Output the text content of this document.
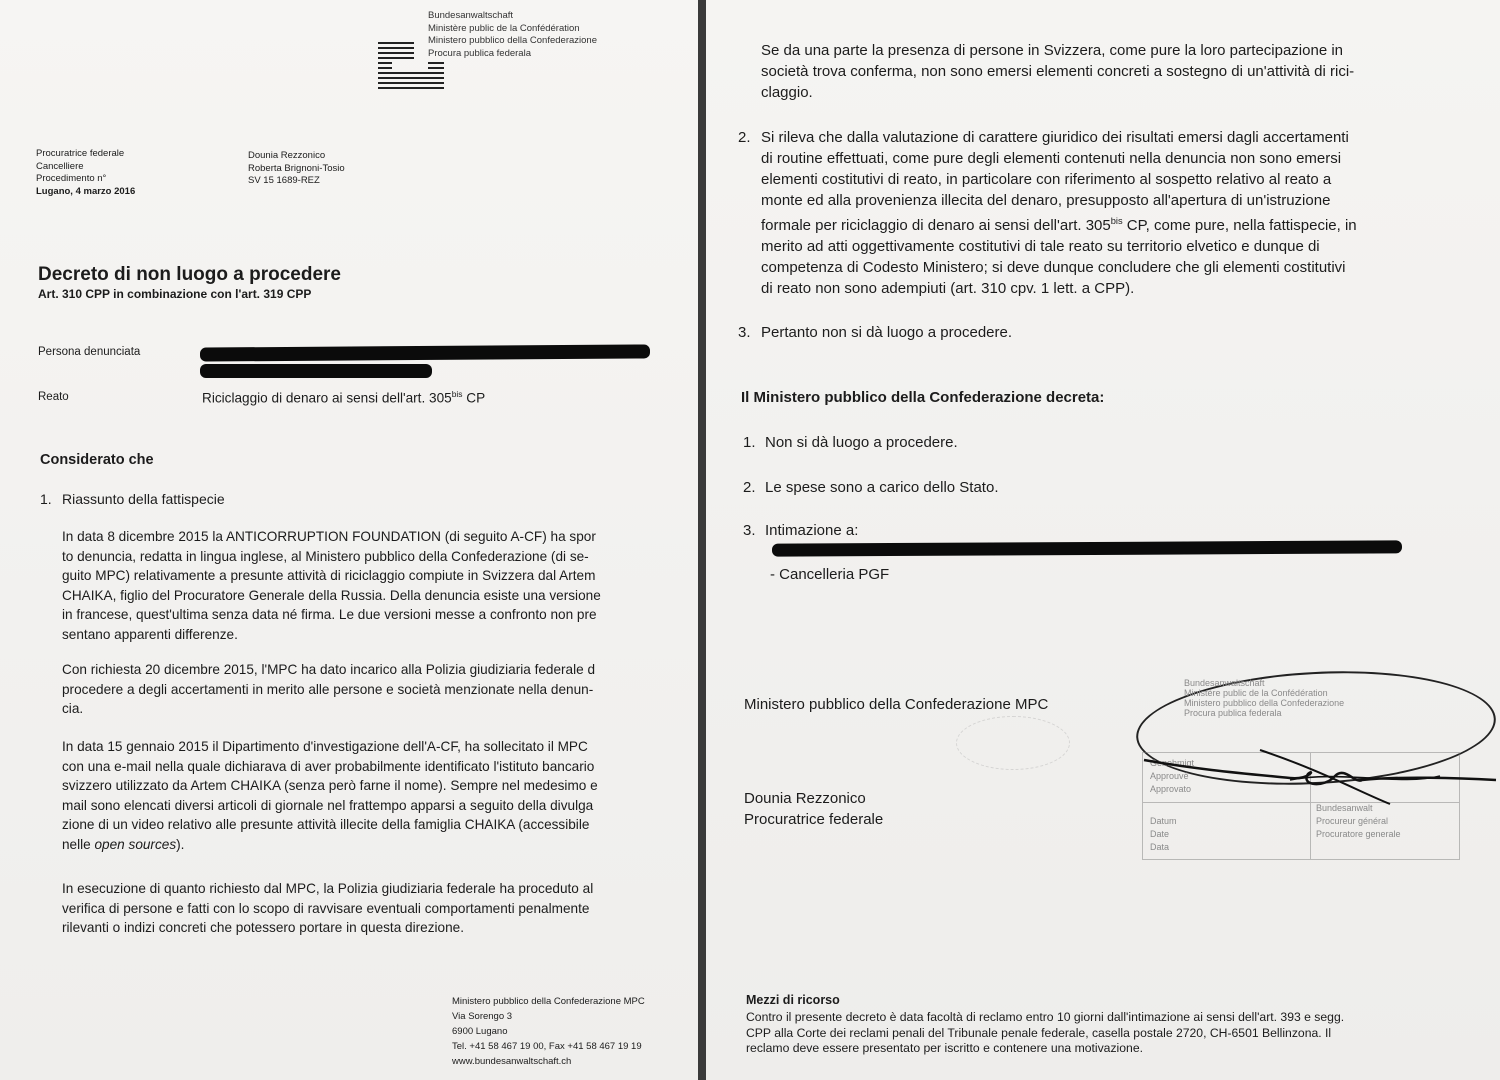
Bundesanwaltschaft
Ministère public de la Confédération
Ministero pubblico della Confederazione
Procura publica federala
Procuratrice federale
Cancelliere
Procedimento n°
Lugano, 4 marzo 2016
Dounia Rezzonico
Roberta Brignoni-Tosio
SV 15 1689-REZ
Decreto di non luogo a procedere
Art. 310 CPP in combinazione con l'art. 319 CPP
Persona denunciata
Reato	Riciclaggio di denaro ai sensi dell'art. $305^{bis}$ CP
Considerato che
1. Riassunto della fattispecie
In data 8 dicembre 2015 la ANTICORRUPTION FOUNDATION (di seguito A-CF) ha spor
to denuncia, redatta in lingua inglese, al Ministero pubblico della Confederazione (di se-
guito MPC) relativamente a presunte attività di riciclaggio compiute in Svizzera dal Artem
CHAIKA, figlio del Procuratore Generale della Russia. Della denuncia esiste una versione
in francese, quest'ultima senza data né firma. Le due versioni messe a confronto non pre
sentano apparenti differenze.
Con richiesta 20 dicembre 2015, l'MPC ha dato incarico alla Polizia giudiziaria federale d
procedere a degli accertamenti in merito alle persone e società menzionate nella denun-
cia.
In data 15 gennaio 2015 il Dipartimento d'investigazione dell'A-CF, ha sollecitato il MPC
con una e-mail nella quale dichiarava di aver probabilmente identificato l'istituto bancario
svizzero utilizzato da Artem CHAIKA (senza però farne il nome). Sempre nel medesimo e
mail sono elencati diversi articoli di giornale nel frattempo apparsi a seguito della divulga
zione di un video relativo alle presunte attività illecite della famiglia CHAIKA (accessibile
nelle open sources).
In esecuzione di quanto richiesto dal MPC, la Polizia giudiziaria federale ha proceduto al
verifica di persone e fatti con lo scopo di ravvisare eventuali comportamenti penalmente
rilevanti o indizi concreti che potessero portare in questa direzione.
Ministero pubblico della Confederazione MPC
Via Sorengo 3
6900 Lugano
Tel. +41 58 467 19 00, Fax +41 58 467 19 19
www.bundesanwaltschaft.ch
Se da una parte la presenza di persone in Svizzera, come pure la loro partecipazione in
società trova conferma, non sono emersi elementi concreti a sostegno di un'attività di rici-
claggio.
2. Si rileva che dalla valutazione di carattere giuridico dei risultati emersi dagli accertamenti
di routine effettuati, come pure degli elementi contenuti nella denuncia non sono emersi
elementi costitutivi di reato, in particolare con riferimento al sospetto relativo al reato a
monte ed alla provenienza illecita del denaro, presupposto all'apertura di un'istruzione
formale per riciclaggio di denaro ai sensi dell'art. $305^{bis}$ CP, come pure, nella fattispecie, in
merito ad atti oggettivamente costitutivi di tale reato su territorio elvetico e dunque di
competenza di Codesto Ministero; si deve dunque concludere che gli elementi costitutivi
di reato non sono adempiuti (art. 310 cpv. 1 lett. a CPP).
3. Pertanto non si dà luogo a procedere.
Il Ministero pubblico della Confederazione decreta:
1. Non si dà luogo a procedere.
2. Le spese sono a carico dello Stato.
3. Intimazione a:
- Cancelleria PGF
Ministero pubblico della Confederazione MPC
Dounia Rezzonico
Procuratrice federale
Mezzi di ricorso
Contro il presente decreto è data facoltà di reclamo entro 10 giorni dall'intimazione ai sensi dell'art. 393 e segg.
CPP alla Corte dei reclami penali del Tribunale penale federale, casella postale 2720, CH-6501 Bellinzona. Il
reclamo deve essere presentato per iscritto e contenere una motivazione.
Bundesanwaltschaft
Ministère public de la Confédération
Ministero pubblico della Confederazione
Procura publica federala
Genehmigt
Approuvé
Approvato
Datum
Date
Data
Bundesanwalt
Procureur général
Procuratore generale
